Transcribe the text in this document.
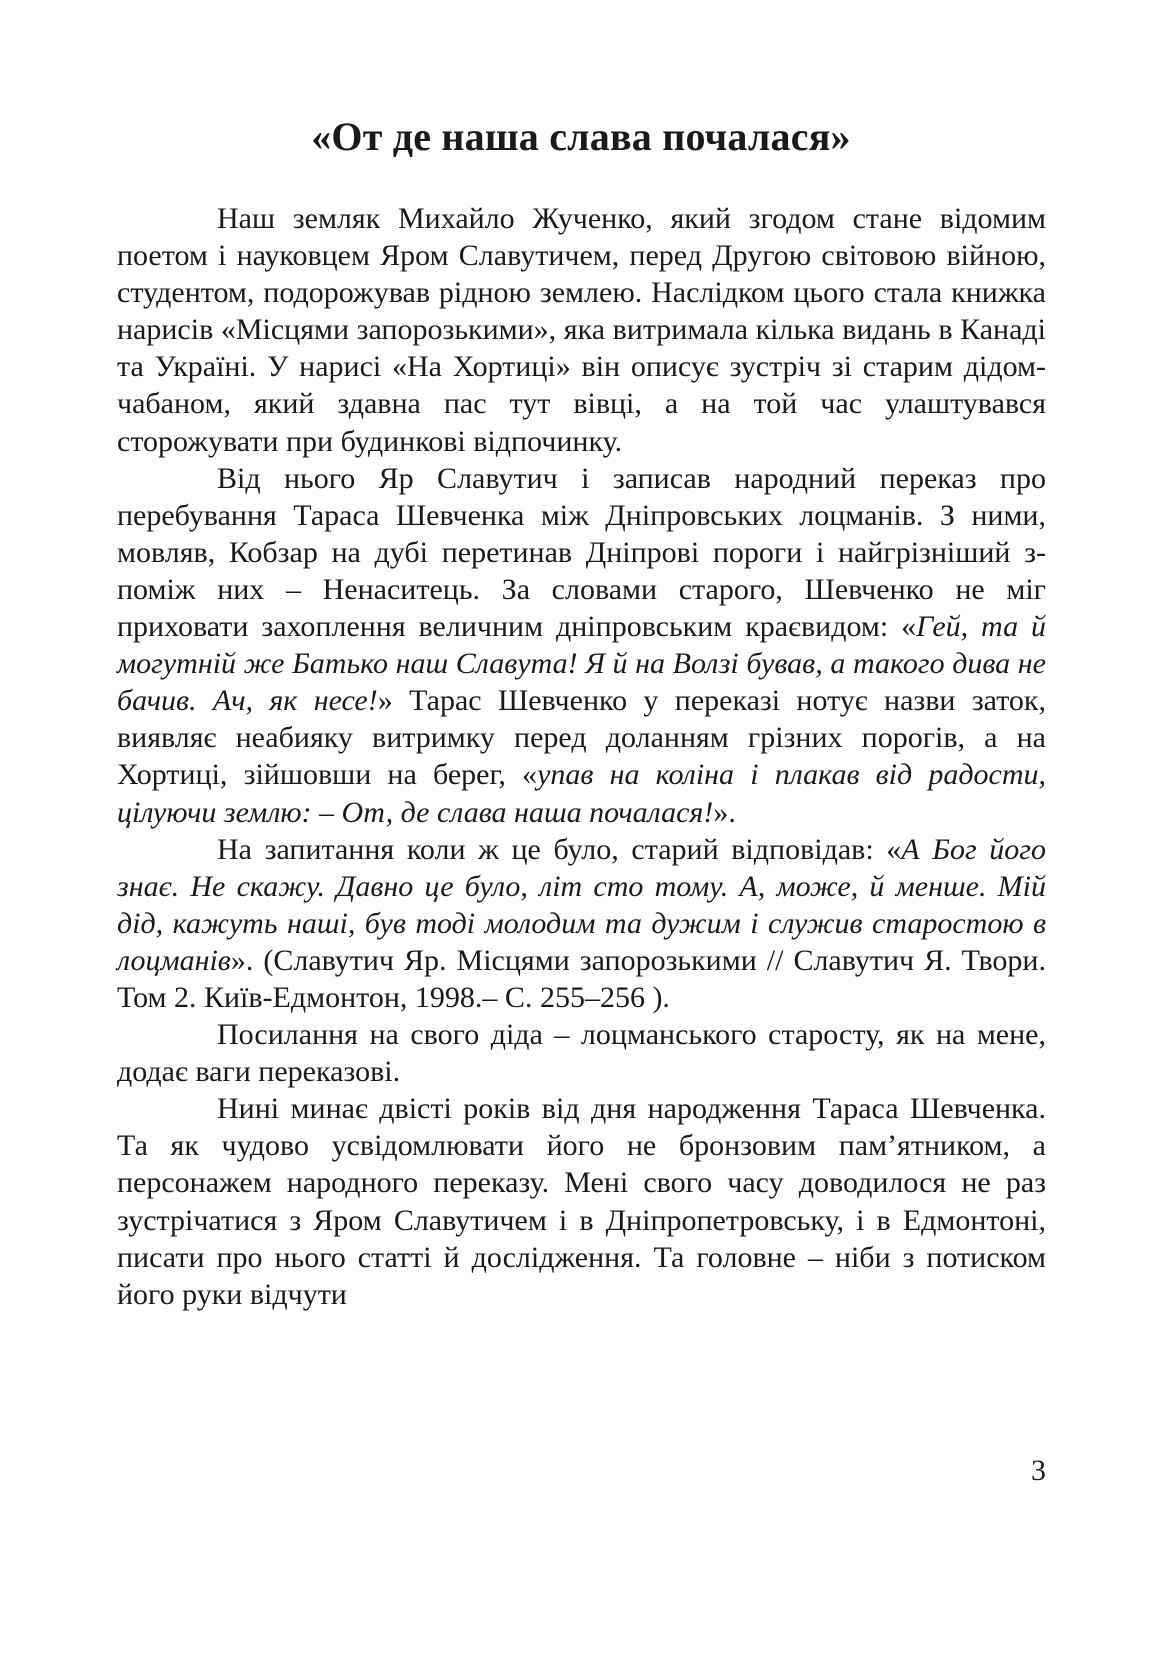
«От де наша слава почалася»

Наш земляк Михайло Жученко, який згодом стане відомим поетом і науковцем Яром Славутичем, перед Другою світовою війною, студентом, подорожував рідною землею. Наслідком цього стала книжка нарисів «Місцями запорозькими», яка витримала кілька видань в Канаді та Україні. У нарисі «На Хортиці» він описує зустріч зі старим дідом-чабаном, який здавна пас тут вівці, а на той час улаштувався сторожувати при будинкові відпочинку.

Від нього Яр Славутич і записав народний переказ про перебування Тараса Шевченка між Дніпровських лоцманів. З ними, мовляв, Кобзар на дубі перетинав Дніпрові пороги і найгрізніший з-поміж них – Ненаситець. За словами старого, Шевченко не міг приховати захоплення величним дніпровським краєвидом: «Гей, та й могутній же Батько наш Славута! Я й на Волзі бував, а такого дива не бачив. Ач, як несе!» Тарас Шевченко у переказі нотує назви заток, виявляє неабияку витримку перед доланням грізних порогів, а на Хортиці, зійшовши на берег, «упав на коліна і плакав від радости, цілуючи землю: – От, де слава наша почалася!».

На запитання коли ж це було, старий відповідав: «А Бог його знає. Не скажу. Давно це було, літ сто тому. А, може, й менше. Мій дід, кажуть наші, був тоді молодим та дужим і служив старостою в лоцманів». (Славутич Яр. Місцями запорозькими // Славутич Я. Твори. Том 2. Київ-Едмонтон, 1998.– С. 255–256 ).

Посилання на свого діда – лоцманського старосту, як на мене, додає ваги переказові.

Нині минає двісті років від дня народження Тараса Шевченка. Та як чудово усвідомлювати його не бронзовим пам’ятником, а персонажем народного переказу. Мені свого часу доводилося не раз зустрічатися з Яром Славутичем і в Дніпропетровську, і в Едмонтоні, писати про нього статті й дослідження. Та головне – ніби з потиском його руки відчути

3
